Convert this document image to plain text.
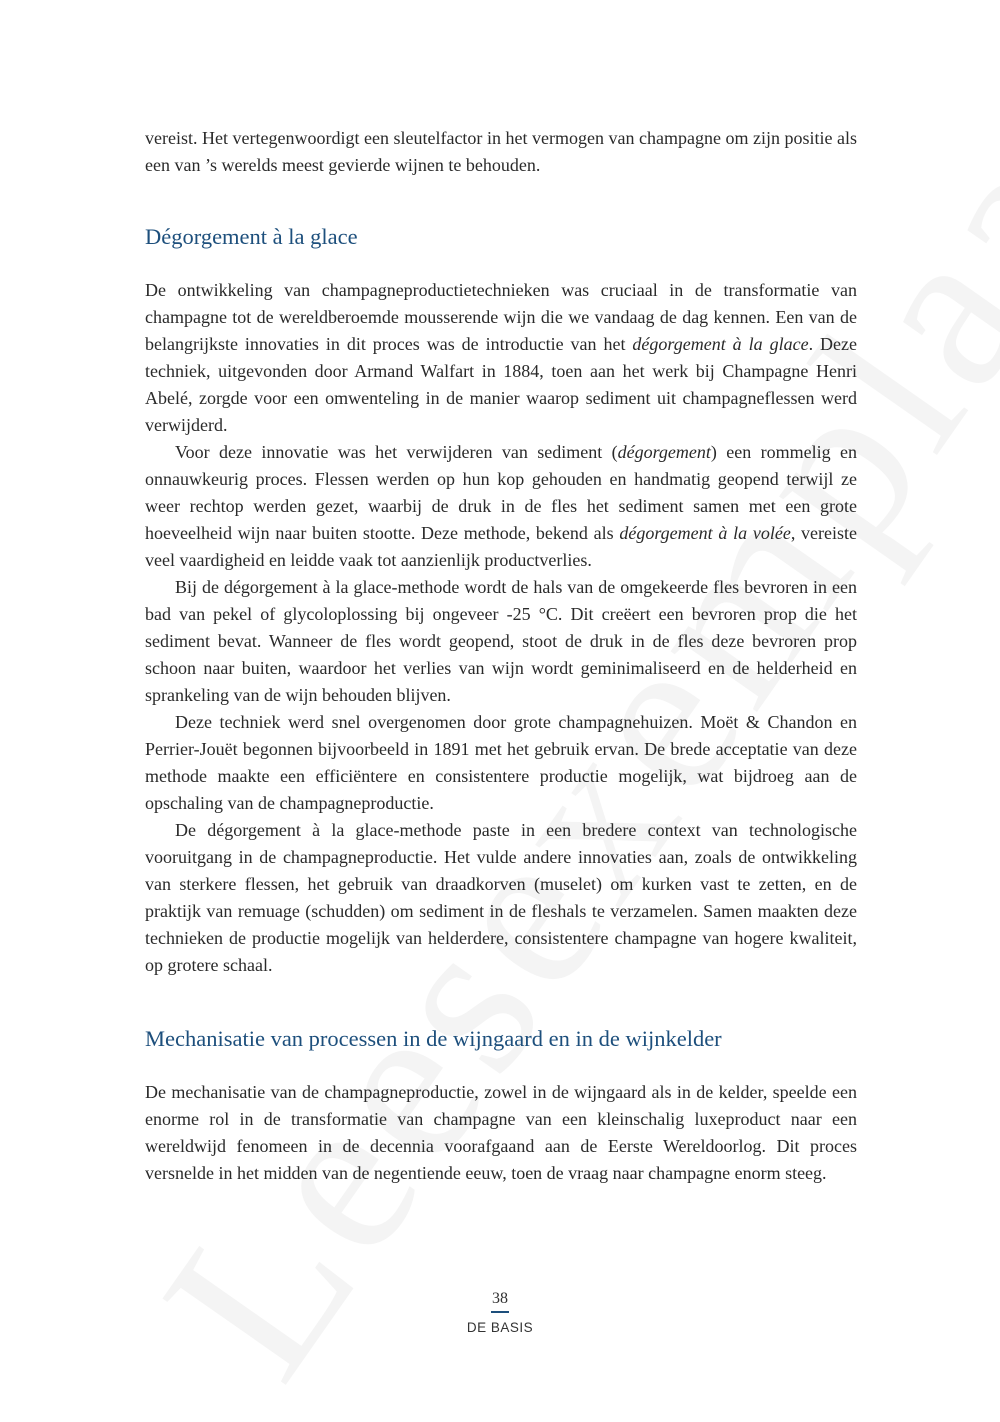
vereist. Het vertegenwoordigt een sleutelfactor in het vermogen van champagne om zijn positie als een van ’s werelds meest gevierde wijnen te behouden.

Dégorgement à la glace

De ontwikkeling van champagneproductietechnieken was cruciaal in de transformatie van champagne tot de wereldberoemde mousserende wijn die we vandaag de dag kennen. Een van de belangrijkste innovaties in dit proces was de introductie van het dégorgement à la glace. Deze techniek, uitgevonden door Armand Walfart in 1884, toen aan het werk bij Champagne Henri Abelé, zorgde voor een omwenteling in de manier waarop sediment uit champagneflessen werd verwijderd.

Voor deze innovatie was het verwijderen van sediment (dégorgement) een rommelig en onnauwkeurig proces. Flessen werden op hun kop gehouden en handmatig geopend terwijl ze weer rechtop werden gezet, waarbij de druk in de fles het sediment samen met een grote hoeveelheid wijn naar buiten stootte. Deze methode, bekend als dégorgement à la volée, vereiste veel vaardigheid en leidde vaak tot aanzienlijk productverlies.

Bij de dégorgement à la glace-methode wordt de hals van de omgekeerde fles bevroren in een bad van pekel of glycoloplossing bij ongeveer -25 °C. Dit creëert een bevroren prop die het sediment bevat. Wanneer de fles wordt geopend, stoot de druk in de fles deze bevroren prop schoon naar buiten, waardoor het verlies van wijn wordt geminimaliseerd en de helderheid en sprankeling van de wijn behouden blijven.

Deze techniek werd snel overgenomen door grote champagnehuizen. Moët & Chandon en Perrier-Jouët begonnen bijvoorbeeld in 1891 met het gebruik ervan. De brede acceptatie van deze methode maakte een efficiëntere en consistentere productie mogelijk, wat bijdroeg aan de opschaling van de champagneproductie.

De dégorgement à la glace-methode paste in een bredere context van technologische vooruitgang in de champagneproductie. Het vulde andere innovaties aan, zoals de ontwikkeling van sterkere flessen, het gebruik van draadkorven (muselet) om kurken vast te zetten, en de praktijk van remuage (schudden) om sediment in de fleshals te verzamelen. Samen maakten deze technieken de productie mogelijk van helderdere, consistentere champagne van hogere kwaliteit, op grotere schaal.

Mechanisatie van processen in de wijngaard en in de wijnkelder

De mechanisatie van de champagneproductie, zowel in de wijngaard als in de kelder, speelde een enorme rol in de transformatie van champagne van een kleinschalig luxeproduct naar een wereldwijd fenomeen in de decennia voorafgaand aan de Eerste Wereldoorlog. Dit proces versnelde in het midden van de negentiende eeuw, toen de vraag naar champagne enorm steeg.

38
DE BASIS
